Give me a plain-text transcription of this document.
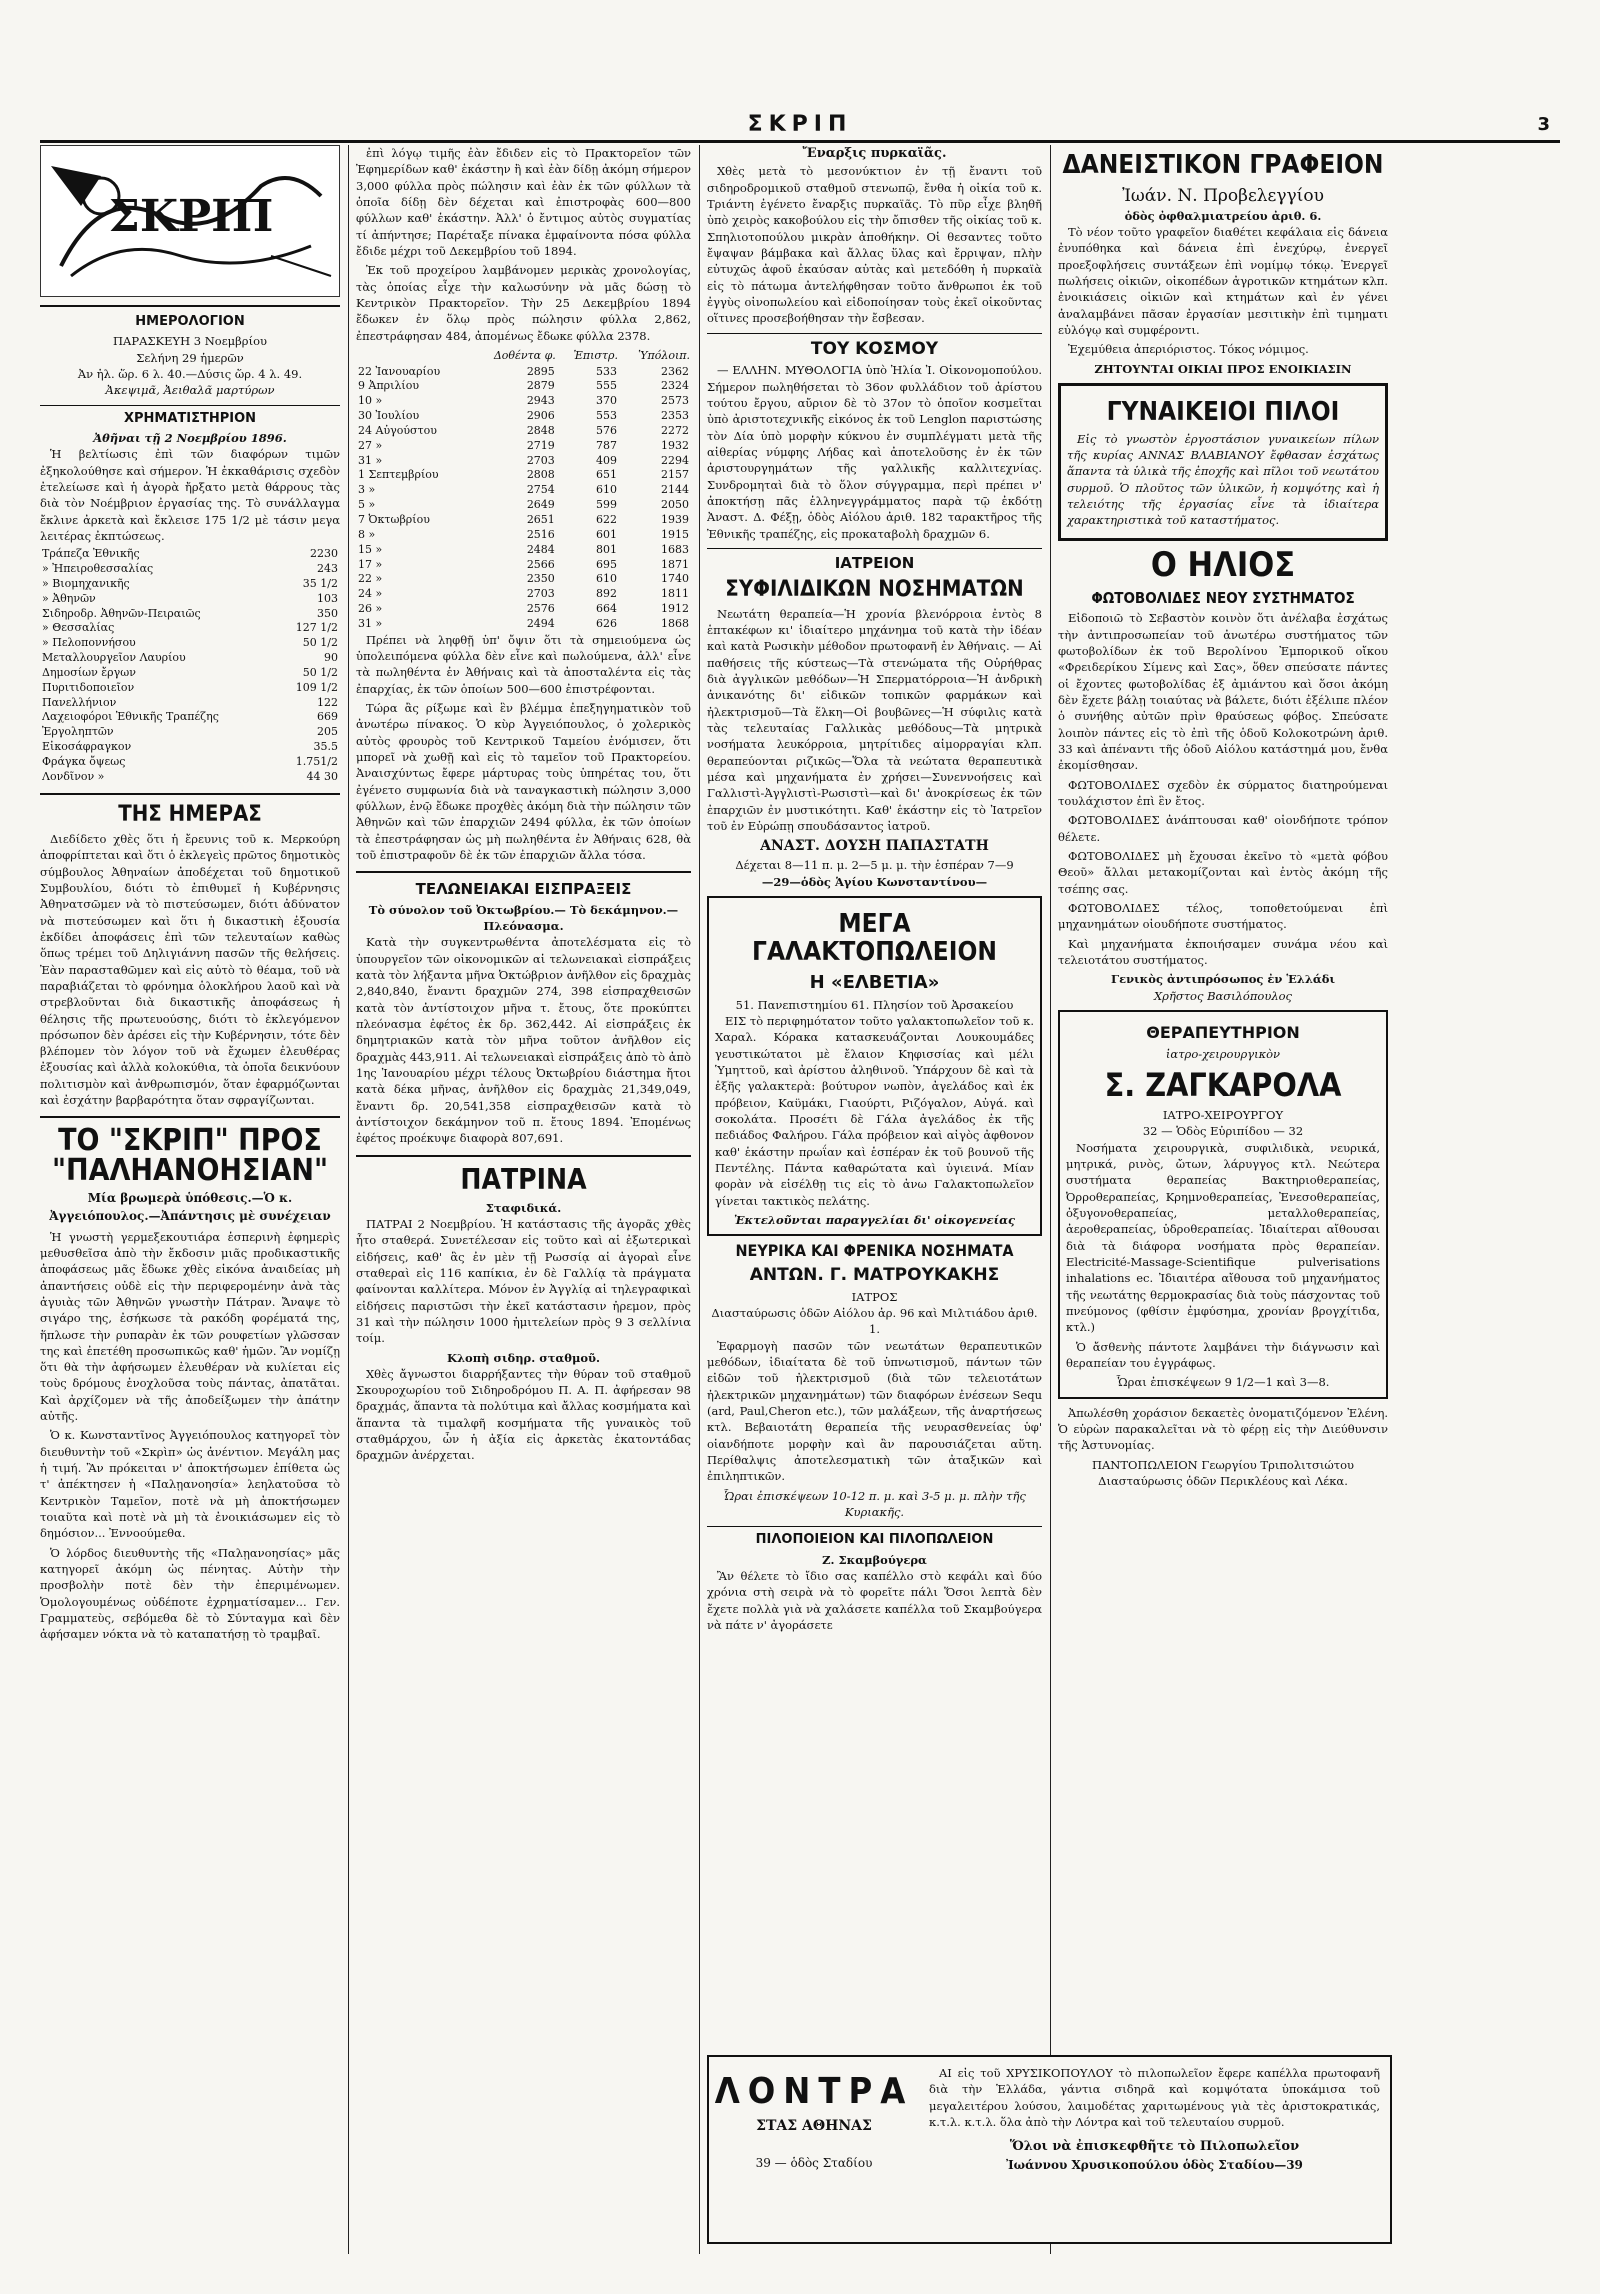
ΣΚΡΙΠ	3
ΣΚΡΙΠ
ΗΜΕΡΟΛΟΓΙΟΝ
ΠΑΡΑΣΚΕΥΗ 3 Νοεμβρίου
Σελήνη 29 ἡμερῶν
Ἀν ἡλ. ὥρ. 6 λ. 40.—Δύσις ὥρ. 4 λ. 49.
Ἀκεψιμᾶ, Ἀειθαλᾶ μαρτύρων
ΧΡΗΜΑΤΙΣΤΗΡΙΟΝ
Ἀθῆναι τῇ 2 Νοεμβρίου 1896.

Ἡ βελτίωσις ἐπὶ τῶν διαφόρων τιμῶν ἐξηκολούθησε καὶ σήμερον. Ἡ ἐκκαθάρισις σχεδὸν ἐτελείωσε καὶ ἡ ἀγορὰ ἤρξατο μετὰ θάρρους τὰς διὰ τὸν Νοέμβριον ἐργασίας της. Τὸ συνάλλαγμα ἔκλινε ἀρκετὰ καὶ ἔκλεισε 175 1/2 μὲ τάσιν μεγα λειτέρας ἐκπτώσεως.

Τράπεζα Ἐθνικῆς	2230
» Ἠπειροθεσσαλίας	243
» Βιομηχανικῆς	35 1/2
» Ἀθηνῶν	103
Σιδηροδρ. Ἀθηνῶν-Πειραιῶς	350
» Θεσσαλίας	127 1/2
» Πελοποννήσου	50 1/2
Μεταλλουργεῖον Λαυρίου	90
Δημοσίων ἔργων	50 1/2
Πυριτιδοποιεῖον	109 1/2
Πανελλήνιον	122
Λαχειοφόροι Ἐθνικῆς Τραπέζης	669
Ἐργοληπτῶν	205
Εἰκοσάφραγκον	35.5
Φράγκα ὄψεως	1.751/2
Λονδῖνον »	44 30
ΤΗΣ ΗΜΕΡΑΣ

Διεδίδετο χθὲς ὅτι ἡ ἔρευνις τοῦ κ. Μερκούρη ἀποφρίπτεται καὶ ὅτι ὁ ἐκλεγεὶς πρῶτος δημοτικὸς σύμβουλος Ἀθηναίων ἀποδέχεται τοῦ δημοτικοῦ Συμβουλίου, διότι τὸ ἐπιθυμεῖ ἡ Κυβέρνησις Ἀθηνατσῶμεν νὰ τὸ πιστεύσωμεν, διότι ἀδύνατον νὰ πιστεύσωμεν καὶ ὅτι ἡ δικαστικὴ ἐξουσία ἐκδίδει ἀποφάσεις ἐπὶ τῶν τελευταίων καθὼς ὅπως τρέμει τοῦ Δηλιγιάννη πασῶν τῆς θελήσεις. Ἐὰν παρασταθῶμεν καὶ εἰς αὐτὸ τὸ θέαμα, τοῦ νὰ παραβιάζεται τὸ φρόνημα ὁλοκλήρου λαοῦ καὶ νὰ στρεβλοῦνται διὰ δικαστικῆς ἀποφάσεως ἡ θέλησις τῆς πρωτευούσης, διότι τὸ ἐκλεγόμενον πρόσωπον δὲν ἀρέσει εἰς τὴν Κυβέρνησιν, τότε δὲν βλέπομεν τὸν λόγον τοῦ νὰ ἔχωμεν ἐλευθέρας ἐξουσίας καὶ ἀλλὰ κολοκύθια, τὰ ὁποῖα δεικνύουν πολιτισμὸν καὶ ἀνθρωπισμόν, ὅταν ἐφαρμόζωνται καὶ ἐσχάτην βαρβαρότητα ὅταν σφραγίζωνται.

ΤΟ "ΣΚΡΙΠ" ΠΡΟΣ "ΠΑΛΗΑΝΟΗΣΙΑΝ"
Μία βρωμερὰ ὑπόθεσις.—Ὁ κ. Ἀγγειόπουλος.—Ἀπάντησις μὲ συνέχειαν

Ἡ γνωστὴ γερμεξεκουτιάρα ἑσπερινὴ ἐφημερὶς μεθυσθεῖσα ἀπὸ τὴν ἔκδοσιν μιᾶς προδικαστικῆς ἀποφάσεως μᾶς ἔδωκε χθὲς εἰκόνα ἀναιδείας μὴ ἀπαντήσεις οὐδὲ εἰς τὴν περιφερομένην ἀνὰ τὰς ἀγυιὰς τῶν Ἀθηνῶν γνωστὴν Πάτραν. Ἄναψε τὸ σιγάρο της, ἐσήκωσε τὰ ρακόδη φορέματά της, ἥπλωσε τὴν ρυπαρὰν ἐκ τῶν ρουφετίων γλῶσσαν της καὶ ἐπετέθη προσωπικῶς καθ' ἡμῶν. Ἂν νομίζῃ ὅτι θὰ τὴν ἀφήσωμεν ἐλευθέραν νὰ κυλίεται εἰς τοὺς δρόμους ἐνοχλοῦσα τοὺς πάντας, ἀπατᾶται. Καὶ ἀρχίζομεν νὰ τῆς ἀποδείξωμεν τὴν ἀπάτην αὐτῆς.

Ὁ κ. Κωνσταντῖνος Ἀγγειόπουλος κατηγορεῖ τὸν διευθυντὴν τοῦ «Σκρὶπ» ὡς ἀνέντιον. Μεγάλη μας ἡ τιμή. Ἂν πρόκειται ν' ἀποκτήσωμεν ἐπίθετα ὡς τ' ἀπέκτησεν ἡ «Παλῃανοησία» λεηλατοῦσα τὸ Κεντρικὸν Ταμεῖον, ποτὲ νὰ μὴ ἀποκτήσωμεν τοιαῦτα καὶ ποτὲ νὰ μὴ τὰ ἐνοικιάσωμεν εἰς τὸ δημόσιον... Ἐννοούμεθα.

Ὁ λόρδος διευθυντὴς τῆς «Παλῃανοησίας» μᾶς κατηγορεῖ ἀκόμη ὡς πένητας. Αὐτὴν τὴν προσβολὴν ποτὲ δὲν τὴν ἐπεριμένωμεν. Ὁμολογουμένως οὐδέποτε ἐχρηματίσαμεν... Γεν. Γραμματεὺς, σεβόμεθα δὲ τὸ Σύνταγμα καὶ δὲν ἀφήσαμεν νόκτα νὰ τὸ καταπατήσῃ τὸ τραμβαῖ.

ἐπὶ λόγῳ τιμῆς ἐὰν ἔδιδεν εἰς τὸ Πρακτορεῖον τῶν Ἐφημερίδων καθ' ἑκάστην ἢ καὶ ἐὰν δίδῃ ἀκόμη σήμερον 3,000 φύλλα πρὸς πώλησιν καὶ ἐὰν ἐκ τῶν φύλλων τὰ ὁποῖα δίδῃ δὲν δέχεται καὶ ἐπιστροφὰς 600—800 φύλλων καθ' ἑκάστην. Ἀλλ' ὁ ἔντιμος αὐτὸς συγματίας τί ἀπήντησε; Παρέταξε πίνακα ἐμφαίνοντα πόσα φύλλα ἔδιδε μέχρι τοῦ Δεκεμβρίου τοῦ 1894.

Ἐκ τοῦ προχείρου λαμβάνομεν μερικὰς χρονολογίας, τὰς ὁποίας εἶχε τὴν καλωσύνην νὰ μᾶς δώσῃ τὸ Κεντρικὸν Πρακτορεῖον. Τὴν 25 Δεκεμβρίου 1894 ἔδωκεν ἐν ὅλῳ πρὸς πώλησιν φύλλα 2,862, ἐπεστράφησαν 484, ἀπομένως ἔδωκε φύλλα 2378.

	Δοθέντα φ.	Ἐπιστρ.	Ὑπόλοιπ.
22 Ἰανουαρίου	2895	533	2362
9 Ἀπριλίου	2879	555	2324
10 »	2943	370	2573
30 Ἰουλίου	2906	553	2353
24 Αὐγούστου	2848	576	2272
27 »	2719	787	1932
31 »	2703	409	2294
1 Σεπτεμβρίου	2808	651	2157
3 »	2754	610	2144
5 »	2649	599	2050
7 Ὀκτωβρίου	2651	622	1939
8 »	2516	601	1915
15 »	2484	801	1683
17 »	2566	695	1871
22 »	2350	610	1740
24 »	2703	892	1811
26 »	2576	664	1912
31 »	2494	626	1868

Πρέπει νὰ ληφθῇ ὑπ' ὄψιν ὅτι τὰ σημειούμενα ὡς ὑπολειπόμενα φύλλα δὲν εἶνε καὶ πωλούμενα, ἀλλ' εἶνε τὰ πωληθέντα ἐν Ἀθήναις καὶ τὰ ἀποσταλέντα εἰς τὰς ἐπαρχίας, ἐκ τῶν ὁποίων 500—600 ἐπιστρέφονται.

Τώρα ἂς ρίξωμε καὶ ἓν βλέμμα ἐπεξηγηματικὸν τοῦ ἀνωτέρω πίνακος. Ὁ κὺρ Ἀγγειόπουλος, ὁ χολερικὸς αὐτὸς φρουρὸς τοῦ Κεντρικοῦ Ταμείου ἐνόμισεν, ὅτι μπορεῖ νὰ χωθῇ καὶ εἰς τὸ ταμεῖον τοῦ Πρακτορείου. Ἀναισχύντως ἔφερε μάρτυρας τοὺς ὑπηρέτας του, ὅτι ἐγένετο συμφωνία διὰ νὰ ταναγκαστικὴ πώλησιν 3,000 φύλλων, ἐνῷ ἔδωκε προχθὲς ἀκόμη διὰ τὴν πώλησιν τῶν Ἀθηνῶν καὶ τῶν ἐπαρχιῶν 2494 φύλλα, ἐκ τῶν ὁποίων τὰ ἐπεστράφησαν ὡς μὴ πωληθέντα ἐν Ἀθήναις 628, θὰ τοῦ ἐπιστραφοῦν δὲ ἐκ τῶν ἐπαρχιῶν ἄλλα τόσα.

ΤΕΛΩΝΕΙΑΚΑΙ ΕΙΣΠΡΑΞΕΙΣ
Τὸ σύνολον τοῦ Ὀκτωβρίου.— Τὸ δεκάμηνον.—Πλεόνασμα.

Κατὰ τὴν συγκεντρωθέντα ἀποτελέσματα εἰς τὸ ὑπουργεῖον τῶν οἰκονομικῶν αἱ τελωνειακαὶ εἰσπράξεις κατὰ τὸν λήξαντα μῆνα Ὀκτώβριον ἀνῆλθον εἰς δραχμὰς 2,840,840, ἔναντι δραχμῶν 274, 398 εἰσπραχθεισῶν κατὰ τὸν ἀντίστοιχον μῆνα τ. ἔτους, ὅτε προκύπτει πλεόνασμα ἐφέτος ἐκ δρ. 362,442. Αἱ εἰσπράξεις ἐκ δημητριακῶν κατὰ τὸν μῆνα τοῦτον ἀνῆλθον εἰς δραχμὰς 443,911. Αἱ τελωνειακαὶ εἰσπράξεις ἀπὸ τὸ ἀπὸ 1ης Ἰανουαρίου μέχρι τέλους Ὀκτωβρίου διάστημα ἤτοι κατὰ δέκα μῆνας, ἀνῆλθον εἰς δραχμὰς 21,349,049, ἔναντι δρ. 20,541,358 εἰσπραχθεισῶν κατὰ τὸ ἀντίστοιχον δεκάμηνον τοῦ π. ἔτους 1894. Ἐπομένως ἐφέτος προέκυψε διαφορὰ 807,691.

ΠΑΤΡΙΝΑ
Σταφιδικά.

ΠΑΤΡΑΙ 2 Νοεμβρίου. Ἡ κατάστασις τῆς ἀγορᾶς χθὲς ἦτο σταθερά. Συνετέλεσαν εἰς τοῦτο καὶ αἱ ἐξωτερικαὶ εἰδήσεις, καθ' ἃς ἐν μὲν τῇ Ρωσσίᾳ αἱ ἀγοραὶ εἶνε σταθεραὶ εἰς 116 καπίκια, ἐν δὲ Γαλλίᾳ τὰ πράγματα φαίνονται καλλίτερα. Μόνον ἐν Ἀγγλίᾳ αἱ τηλεγραφικαὶ εἰδήσεις παριστῶσι τὴν ἐκεῖ κατάστασιν ἠρεμον, πρὸς 31 καὶ τὴν πώλησιν 1000 ἡμιτελείων πρὸς 9 3 σελλίνια τοίμ.

Κλοπὴ σιδηρ. σταθμοῦ.

Χθὲς ἄγνωστοι διαρρήξαντες τὴν θύραν τοῦ σταθμοῦ Σκουροχωρίου τοῦ Σιδηροδρόμου Π. Α. Π. ἀφήρεσαν 98 δραχμάς, ἅπαντα τὰ πολύτιμα καὶ ἄλλας κοσμήματα καὶ ἅπαντα τὰ τιμαλφῆ κοσμήματα τῆς γυναικὸς τοῦ σταθμάρχου, ὧν ἡ ἀξία εἰς ἀρκετὰς ἑκατοντάδας δραχμῶν ἀνέρχεται.

Ἔναρξις πυρκαϊᾶς.

Χθὲς μετὰ τὸ μεσονύκτιον ἐν τῇ ἔναντι τοῦ σιδηροδρομικοῦ σταθμοῦ στενωπῷ, ἔνθα ἡ οἰκία τοῦ κ. Τριάντη ἐγένετο ἔναρξις πυρκαϊᾶς. Τὸ πῦρ εἶχε βληθῆ ὑπὸ χειρὸς κακοβούλου εἰς τὴν ὄπισθεν τῆς οἰκίας τοῦ κ. Σπηλιοτοπούλου μικρὰν ἀποθήκην. Οἱ θεσαντες τοῦτο ἔψαψαν βάμβακα καὶ ἄλλας ὕλας καὶ ἔρριψαν, πλὴν εὐτυχῶς ἀφοῦ ἐκαύσαν αὐτὰς καὶ μετεδόθη ἡ πυρκαϊὰ εἰς τὸ πάτωμα ἀντελήφθησαν τοῦτο ἄνθρωποι ἐκ τοῦ ἐγγὺς οἰνοπωλείου καὶ εἰδοποίησαν τοὺς ἐκεῖ οἰκοῦντας οἵτινες προσεβοήθησαν τὴν ἔσβεσαν.

ΤΟΥ ΚΟΣΜΟΥ

— ΕΛΛΗΝ. ΜΥΘΟΛΟΓΙΑ ὑπὸ Ἠλία Ἰ. Οἰκονομοπούλου. Σήμερον πωληθήσεται τὸ 36ον φυλλάδιον τοῦ ἀρίστου τούτου ἔργου, αὔριον δὲ τὸ 37ον τὸ ὁποῖον κοσμεῖται ὑπὸ ἀριστοτεχνικῆς εἰκόνος ἐκ τοῦ Lenglon παριστώσης τὸν Δία ὑπὸ μορφὴν κύκνου ἐν συμπλέγματι μετὰ τῆς αἰθερίας νύμφης Λήδας καὶ ἀποτελοῦσης ἐν ἐκ τῶν ἀριστουργημάτων τῆς γαλλικῆς καλλιτεχνίας. Συνδρομηταὶ διὰ τὸ ὅλον σύγγραμμα, περὶ πρέπει ν' ἀποκτήσῃ πᾶς ἑλληνεγγράμματος παρὰ τῷ ἐκδότῃ Ἀναστ. Δ. Φέξῃ, ὁδὸς Αἰόλου ἀριθ. 182 ταρακτῆρος τῆς Ἐθνικῆς τραπέζης, εἰς προκαταβολὴ δραχμῶν 6.

ΙΑΤΡΕΙΟΝ
ΣΥΦΙΛΙΔΙΚΩΝ ΝΟΣΗΜΑΤΩΝ

Νεωτάτη θεραπεία—Ἡ χρονία βλενόρροια ἐντὸς 8 ἑπτακέφων κι' ἰδιαίτερο μηχάνημα τοῦ κατὰ τὴν ἰδέαν καὶ κατὰ Ρωσικὴν μέθοδον πρωτοφανῆ ἐν Ἀθήναις. — Αἱ παθήσεις τῆς κύστεως—Τὰ στενώματα τῆς Οὐρήθρας διὰ ἀγγλικῶν μεθόδων—Ἡ Σπερματόρροια—Ἡ ἀνδρικὴ ἀνικανότης δι' εἰδικῶν τοπικῶν φαρμάκων καὶ ἠλεκτρισμοῦ—Τὰ ἕλκη—Οἱ βουβῶνες—Ἡ σύφιλις κατὰ τὰς τελευταίας Γαλλικὰς μεθόδους—Τὰ μητρικὰ νοσήματα λευκόρροια, μητρίτιδες αἱμορραγίαι κλπ. θεραπεύονται ριζικῶς—Ὅλα τὰ νεώτατα θεραπευτικὰ μέσα καὶ μηχανήματα ἐν χρήσει—Συνεννοήσεις καὶ Γαλλιστὶ-Ἀγγλιστὶ-Ρωσιστὶ—καὶ δι' ἀνοκρίσεως ἐκ τῶν ἐπαρχιῶν ἐν μυστικότητι. Καθ' ἑκάστην εἰς τὸ Ἰατρεῖον τοῦ ἐν Εὐρώπῃ σπουδάσαντος ἰατροῦ.

ΑΝΑΣΤ. ΔΟΥΣΗ ΠΑΠΑΣΤΑΤΗ
Δέχεται 8—11 π. μ. 2—5 μ. μ. τὴν ἑσπέραν 7—9
—29—ὁδὸς Ἁγίου Κωνσταντίνου—
ΜΕΓΑ ΓΑΛΑΚΤΟΠΩΛΕΙΟΝ
Η «ΕΛΒΕΤΙΑ»
51. Πανεπιστημίου 61. Πλησίον τοῦ Ἀρσακείου

ΕΙΣ τὸ περιφημότατον τοῦτο γαλακτοπωλεῖον τοῦ κ. Χαραλ. Κόρακα κατασκευάζονται Λουκουμάδες γευστικώτατοι μὲ ἔλαιον Κηφισσίας καὶ μέλι Ὑμηττοῦ, καὶ ἀρίστου ἀληθινοῦ. Ὑπάρχουν δὲ καὶ τὰ ἑξῆς γαλακτερὰ: βούτυρον νωπὸν, ἀγελάδος καὶ ἐκ πρόβειον, Καϋμάκι, Γιαούρτι, Ριζόγαλον, Αὐγά. καὶ σοκολάτα. Προσέτι δὲ Γάλα ἀγελάδος ἐκ τῆς πεδιάδος Φαλήρου. Γάλα πρόβειον καὶ αἰγὸς ἀφθονον καθ' ἑκάστην πρωΐαν καὶ ἑσπέραν ἐκ τοῦ βουνοῦ τῆς Πεντέλης. Πάντα καθαρώτατα καὶ ὑγιεινά. Μίαν φορὰν νὰ εἰσέλθῃ τις εἰς τὸ ἀνω Γαλακτοπωλεῖον γίνεται τακτικὸς πελάτης.

Ἐκτελοῦνται παραγγελίαι δι' οἰκογενείας
ΝΕΥΡΙΚΑ ΚΑΙ ΦΡΕΝΙΚΑ ΝΟΣΗΜΑΤΑ
ΑΝΤΩΝ. Γ. ΜΑΤΡΟΥΚΑΚΗΣ
ΙΑΤΡΟΣ
Διασταύρωσις ὁδῶν Αἰόλου ἀρ. 96 καὶ Μιλτιάδου ἀριθ. 1.

Ἐφαρμογὴ πασῶν τῶν νεωτάτων θεραπευτικῶν μεθόδων, ἰδιαίτατα δὲ τοῦ ὑπνωτισμοῦ, πάντων τῶν εἰδῶν τοῦ ἠλεκτρισμοῦ (διὰ τῶν τελειοτάτων ἠλεκτρικῶν μηχανημάτων) τῶν διαφόρων ἐνέσεων Sequ (ard, Paul,Cheron etc.), τῶν μαλάξεων, τῆς ἀναρτήσεως κτλ. Βεβαιοτάτη θεραπεία τῆς νευρασθενείας ὑφ' οἱανδήποτε μορφὴν καὶ ἂν παρουσιάζεται αὕτη. Περίθαλψις ἀποτελεσματικὴ τῶν ἀταξικῶν καὶ ἐπιληπτικῶν.

Ὧραι ἐπισκέψεων 10-12 π. μ. καὶ 3-5 μ. μ. πλὴν τῆς Κυριακῆς.
ΠΙΛΟΠΟΙΕΙΟΝ ΚΑΙ ΠΙΛΟΠΩΛΕΙΟΝ
Ζ. Σκαμβούγερα

Ἂν θέλετε τὸ ἴδιο σας καπέλλο στὸ κεφάλι καὶ δύο χρόνια στὴ σειρὰ νὰ τὸ φορεῖτε πάλι Ὅσοι λεπτὰ δὲν ἔχετε πολλὰ γιὰ νὰ χαλάσετε καπέλλα τοῦ Σκαμβούγερα νὰ πάτε ν' ἀγοράσετε

ΔΑΝΕΙΣΤΙΚΟΝ ΓΡΑΦΕΙΟΝ
Ἰωάν. Ν. Προβελεγγίου
ὁδὸς ὀφθαλμιατρείου ἀριθ. 6.

Τὸ νέον τοῦτο γραφεῖον διαθέτει κεφάλαια εἰς δάνεια ἐνυπόθηκα καὶ δάνεια ἐπὶ ἐνεχύρῳ, ἐνεργεῖ προεξοφλήσεις συντάξεων ἐπὶ νομίμῳ τόκῳ. Ἐνεργεῖ πωλήσεις οἰκιῶν, οἰκοπέδων ἀγροτικῶν κτημάτων κλπ. ἐνοικιάσεις οἰκιῶν καὶ κτημάτων καὶ ἐν γένει ἀναλαμβάνει πᾶσαν ἐργασίαν μεσιτικὴν ἐπὶ τιμηματι εὐλόγῳ καὶ συμφέροντι.

Ἐχεμύθεια ἀπεριόριστος. Τόκος νόμιμος.

ΖΗΤΟΥΝΤΑΙ ΟΙΚΙΑΙ ΠΡΟΣ ΕΝΟΙΚΙΑΣΙΝ
ΓΥΝΑΙΚΕΙΟΙ ΠΙΛΟΙ

Εἰς τὸ γνωστὸν ἐργοστάσιον γυναικείων πίλων τῆς κυρίας ΑΝΝΑΣ ΒΛΑΒΙΑΝΟΥ ἔφθασαν ἐσχάτως ἅπαντα τὰ ὑλικὰ τῆς ἐποχῆς καὶ πῖλοι τοῦ νεωτάτου συρμοῦ. Ὁ πλοῦτος τῶν ὑλικῶν, ἡ κομψότης καὶ ἡ τελειότης τῆς ἐργασίας εἶνε τὰ ἰδιαίτερα χαρακτηριστικὰ τοῦ καταστήματος.

Ο ΗΛΙΟΣ
ΦΩΤΟΒΟΛΙΔΕΣ ΝΕΟΥ ΣΥΣΤΗΜΑΤΟΣ

Εἰδοποιῶ τὸ Σεβαστὸν κοινὸν ὅτι ἀνέλαβα ἐσχάτως τὴν ἀντιπροσωπείαν τοῦ ἀνωτέρω συστήματος τῶν φωτοβολίδων ἐκ τοῦ Βερολίνου Ἐμπορικοῦ οἴκου «Φρειδερίκου Σίμενς καὶ Σας», ὅθεν σπεύσατε πάντες οἱ ἔχοντες φωτοβολίδας ἐξ ἀμιάντου καὶ ὅσοι ἀκόμη δὲν ἔχετε βάλῃ τοιαύτας νὰ βάλετε, διότι ἐξέλιπε πλέον ὁ συνήθης αὐτῶν πρὶν θραύσεως φόβος. Σπεύσατε λοιπὸν πάντες εἰς τὸ ἐπὶ τῆς ὁδοῦ Κολοκοτρώνη ἀριθ. 33 καὶ ἀπέναντι τῆς ὁδοῦ Αἰόλου κατάστημά μου, ἔνθα ἐκομίσθησαν.

ΦΩΤΟΒΟΛΙΔΕΣ σχεδὸν ἐκ σύρματος διατηρούμεναι τουλάχιστον ἐπὶ ἓν ἔτος.

ΦΩΤΟΒΟΛΙΔΕΣ ἀνάπτουσαι καθ' οἱονδήποτε τρόπον θέλετε.

ΦΩΤΟΒΟΛΙΔΕΣ μὴ ἔχουσαι ἐκεῖνο τὸ «μετὰ φόβου Θεοῦ» ἄλλαι μετακομίζονται καὶ ἐντὸς ἀκόμη τῆς τσέπης σας.

ΦΩΤΟΒΟΛΙΔΕΣ τέλος, τοποθετούμεναι ἐπὶ μηχανημάτων οἱουδήποτε συστήματος.

Καὶ μηχανήματα ἐκποιήσαμεν συνάμα νέου καὶ τελειοτάτου συστήματος.

Γενικὸς ἀντιπρόσωπος ἐν Ἑλλάδι
Χρῆστος Βασιλόπουλος
ΘΕΡΑΠΕΥΤΗΡΙΟΝ
ἰατρο-χειρουργικὸν
Σ. ΖΑΓΚΑΡΟΛΑ
ΙΑΤΡΟ-ΧΕΙΡΟΥΡΓΟΥ
32 — Ὁδὸς Εὐριπίδου — 32

Νοσήματα χειρουργικὰ, συφιλιδικὰ, νευρικά, μητρικά, ρινὸς, ὤτων, λάρυγγος κτλ. Νεώτερα συστήματα θεραπείας Βακτηριοθεραπείας, Ὀρροθεραπείας, Κρημνοθεραπείας, Ἐνεσοθεραπείας, ὀξυγονοθεραπείας, μεταλλοθεραπείας, ἀεροθεραπείας, ὑδροθεραπείας. Ἰδιαίτεραι αἴθουσαι διὰ τὰ διάφορα νοσήματα πρὸς θεραπείαν. Electricité-Massage-Scientifique pulverisations inhalations ec. Ἰδιαιτέρα αἴθουσα τοῦ μηχανήματος τῆς νεωτάτης θερμοκρασίας διὰ τοὺς πάσχοντας τοῦ πνεύμονος (φθίσιν ἐμφύσημα, χρονίαν βρογχίτιδα, κτλ.)

Ὁ ἄσθενὴς πάντοτε λαμβάνει τὴν διάγνωσιν καὶ θεραπείαν του ἐγγράφως.

Ὧραι ἐπισκέψεων 9 1/2—1 καὶ 3—8.

Ἀπωλέσθη χοράσιον δεκαετὲς ὀνοματιζόμενον Ἐλένη. Ὁ εὑρὼν παρακαλεῖται νὰ τὸ φέρῃ εἰς τὴν Διεύθυνσιν τῆς Ἀστυνομίας.

ΠΑΝΤΟΠΩΛΕΙΟΝ Γεωργίου Τριπολιτσιώτου Διασταύρωσις ὁδῶν Περικλέους καὶ Λέκα.
ΛΟΝΤΡΑ
ΣΤΑΣ ΑΘΗΝΑΣ
39 — ὁδὸς Σταδίου

ΑΙ εἰς τοῦ ΧΡΥΣΙΚΟΠΟΥΛΟΥ τὸ πιλοπωλεῖον ἔφερε καπέλλα πρωτοφανῆ διὰ τὴν Ἑλλάδα, γάντια σιδηρᾶ καὶ κομψότατα ὑποκάμισα τοῦ μεγαλειτέρου λούσου, λαιμοδέτας χαριτωμένους γιὰ τὲς ἀριστοκρατικάς, κ.τ.λ. κ.τ.λ. ὅλα ἀπὸ τὴν Λόντρα καὶ τοῦ τελευταίου συρμοῦ.

Ὅλοι νὰ ἐπισκεφθῆτε τὸ Πιλοπωλεῖον
Ἰωάννου Χρυσικοπούλου ὁδὸς Σταδίου—39
